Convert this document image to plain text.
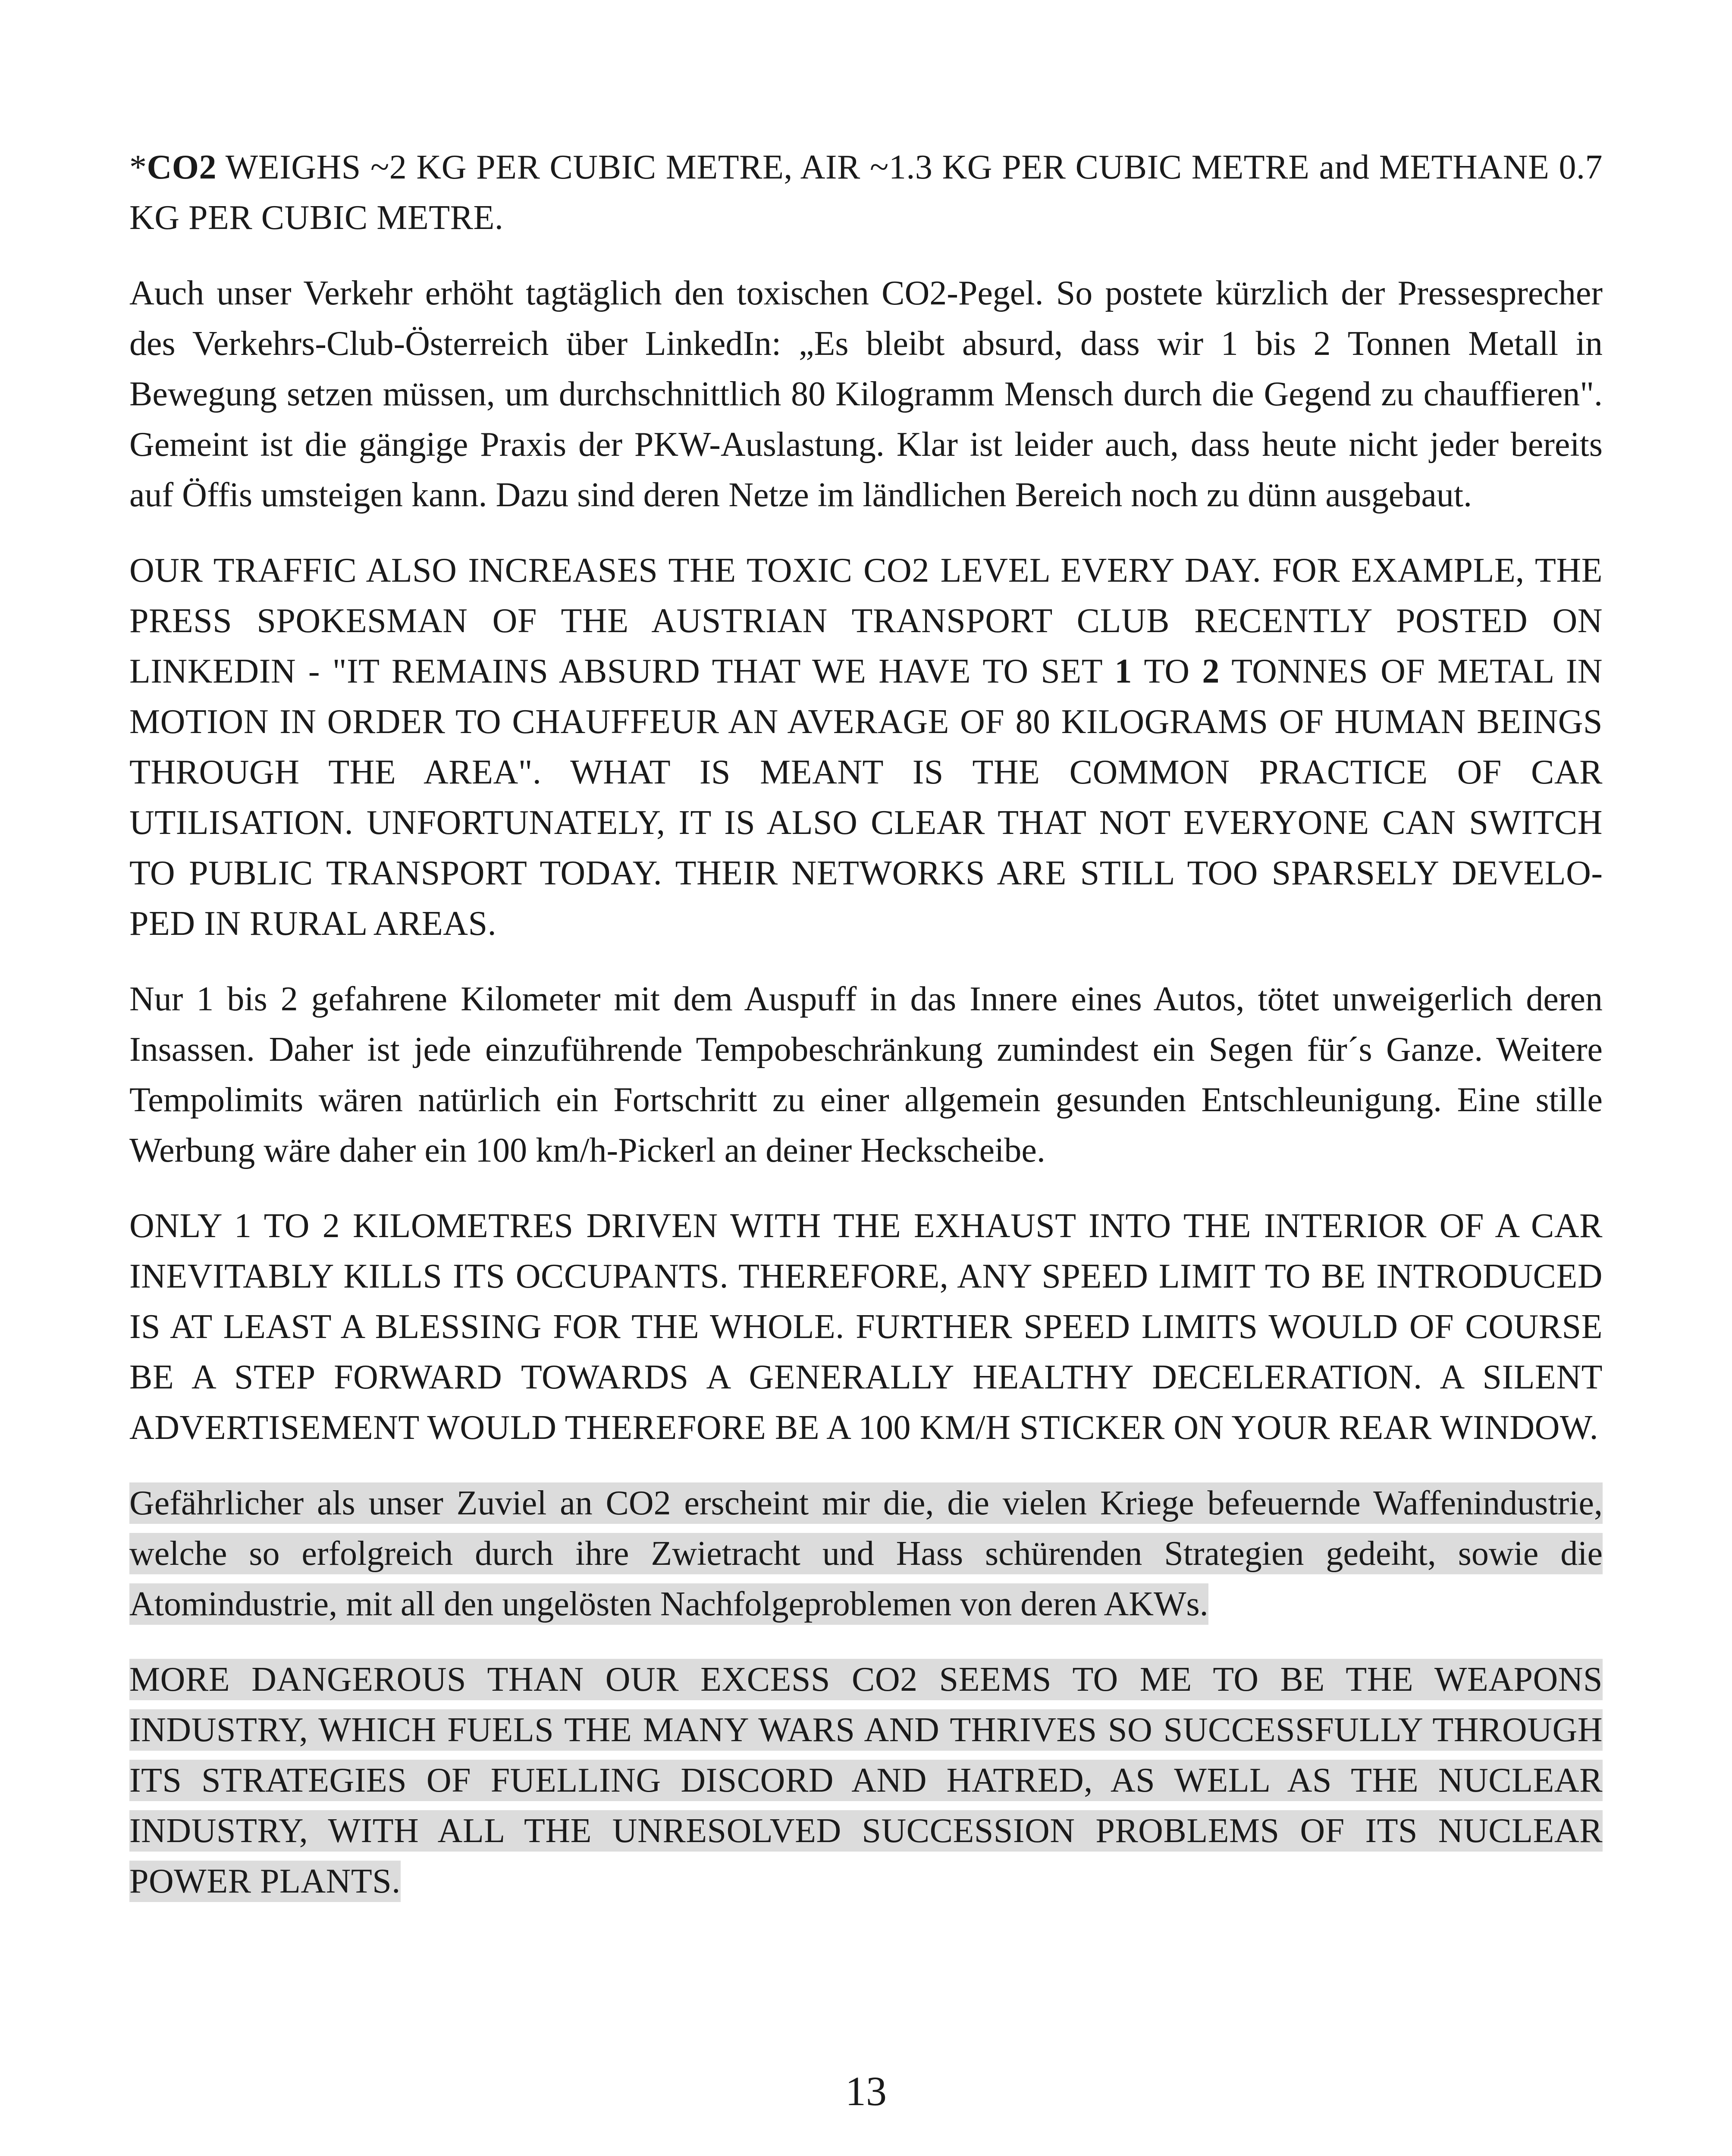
*CO2 WEIGHS ~2 KG PER CUBIC METRE, AIR ~1.3 KG PER CUBIC METRE and METHANE 0.7 KG PER CUBIC METRE.

Auch unser Verkehr erhöht tagtäglich den toxischen CO2-Pegel. So postete kürzlich der Pressesprecher des Verkehrs-Club-Österreich über LinkedIn: „Es bleibt absurd, dass wir 1 bis 2 Tonnen Metall in Bewegung setzen müssen, um durchschnittlich 80 Kilogramm Mensch durch die Gegend zu chauffieren". Gemeint ist die gängige Praxis der PKW-Auslastung. Klar ist leider auch, dass heute nicht jeder bereits auf Öffis umsteigen kann. Dazu sind deren Netze im ländlichen Bereich noch zu dünn ausgebaut.

OUR TRAFFIC ALSO INCREASES THE TOXIC CO2 LEVEL EVERY DAY. FOR EXAMPLE, THE PRESS SPOKESMAN OF THE AUSTRIAN TRANSPORT CLUB RECENTLY POSTED ON LINKEDIN - "IT REMAINS ABSURD THAT WE HAVE TO SET 1 TO 2 TONNES OF METAL IN MOTION IN ORDER TO CHAUFFEUR AN AVERAGE OF 80 KILOGRAMS OF HUMAN BEINGS THROUGH THE AREA". WHAT IS MEANT IS THE COMMON PRACTICE OF CAR UTILISATION. UNFORTUNATELY, IT IS ALSO CLEAR THAT NOT EVERYONE CAN SWITCH TO PUBLIC TRANSPORT TODAY. THEIR NETWORKS ARE STILL TOO SPARSELY DEVELOPED IN RURAL AREAS.

Nur 1 bis 2 gefahrene Kilometer mit dem Auspuff in das Innere eines Autos, tötet unweigerlich deren Insassen. Daher ist jede einzuführende Tempobeschränkung zumindest ein Segen für´s Ganze. Weitere Tempolimits wären natürlich ein Fortschritt zu einer allgemein gesunden Entschleunigung. Eine stille Werbung wäre daher ein 100 km/h-Pickerl an deiner Heckscheibe.

ONLY 1 TO 2 KILOMETRES DRIVEN WITH THE EXHAUST INTO THE INTERIOR OF A CAR INEVITABLY KILLS ITS OCCUPANTS. THEREFORE, ANY SPEED LIMIT TO BE INTRODUCED IS AT LEAST A BLESSING FOR THE WHOLE. FURTHER SPEED LIMITS WOULD OF COURSE BE A STEP FORWARD TOWARDS A GENERALLY HEALTHY DECELERATION. A SILENT ADVERTISEMENT WOULD THEREFORE BE A 100 KM/H STICKER ON YOUR REAR WINDOW.

Gefährlicher als unser Zuviel an CO2 erscheint mir die, die vielen Kriege befeuernde Waffenindustrie, welche so erfolgreich durch ihre Zwietracht und Hass schürenden Strategien gedeiht, sowie die Atomindustrie, mit all den ungelösten Nachfolgeproblemen von deren AKWs.

MORE DANGEROUS THAN OUR EXCESS CO2 SEEMS TO ME TO BE THE WEAPONS INDUSTRY, WHICH FUELS THE MANY WARS AND THRIVES SO SUCCESSFULLY THROUGH ITS STRATEGIES OF FUELLING DISCORD AND HATRED, AS WELL AS THE NUCLEAR INDUSTRY, WITH ALL THE UNRESOLVED SUCCESSION PROBLEMS OF ITS NUCLEAR POWER PLANTS.

13
